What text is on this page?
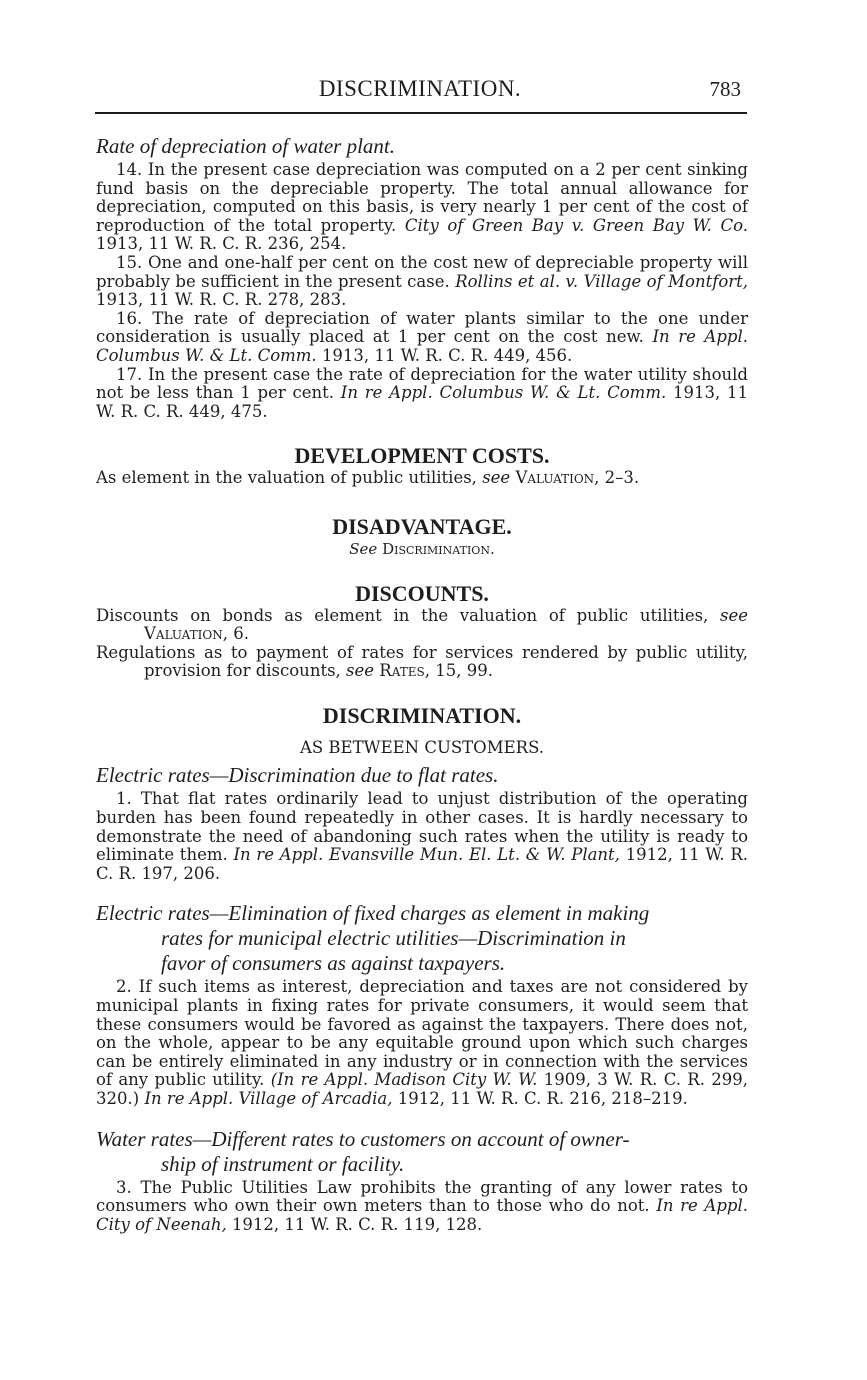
DISCRIMINATION.	783
Rate of depreciation of water plant.

14. In the present case depreciation was computed on a 2 per cent sinking fund basis on the depreciable property. The total annual allowance for depreciation, computed on this basis, is very nearly 1 per cent of the cost of reproduction of the total property. City of Green Bay v. Green Bay W. Co. 1913, 11 W. R. C. R. 236, 254.

15. One and one-half per cent on the cost new of depreciable property will probably be sufficient in the present case. Rollins et al. v. Village of Montfort, 1913, 11 W. R. C. R. 278, 283.

16. The rate of depreciation of water plants similar to the one under consideration is usually placed at 1 per cent on the cost new. In re Appl. Columbus W. & Lt. Comm. 1913, 11 W. R. C. R. 449, 456.

17. In the present case the rate of depreciation for the water utility should not be less than 1 per cent. In re Appl. Columbus W. & Lt. Comm. 1913, 11 W. R. C. R. 449, 475.

DEVELOPMENT COSTS.

As element in the valuation of public utilities, see Valuation, 2–3.

DISADVANTAGE.

See Discrimination.

DISCOUNTS.

Discounts on bonds as element in the valuation of public utilities, see Valuation, 6.

Regulations as to payment of rates for services rendered by public utility, provision for discounts, see Rates, 15, 99.

DISCRIMINATION.

AS BETWEEN CUSTOMERS.

Electric rates—Discrimination due to flat rates.

1. That flat rates ordinarily lead to unjust distribution of the operating burden has been found repeatedly in other cases. It is hardly necessary to demonstrate the need of abandoning such rates when the utility is ready to eliminate them. In re Appl. Evansville Mun. El. Lt. & W. Plant, 1912, 11 W. R. C. R. 197, 206.

Electric rates—Elimination of fixed charges as element in making
rates for municipal electric utilities—Discrimination in
favor of consumers as against taxpayers.

2. If such items as interest, depreciation and taxes are not considered by municipal plants in fixing rates for private consumers, it would seem that these consumers would be favored as against the taxpayers. There does not, on the whole, appear to be any equitable ground upon which such charges can be entirely eliminated in any industry or in connection with the services of any public utility. (In re Appl. Madison City W. W. 1909, 3 W. R. C. R. 299, 320.) In re Appl. Village of Arcadia, 1912, 11 W. R. C. R. 216, 218–219.

Water rates—Different rates to customers on account of owner-
ship of instrument or facility.

3. The Public Utilities Law prohibits the granting of any lower rates to consumers who own their own meters than to those who do not. In re Appl. City of Neenah, 1912, 11 W. R. C. R. 119, 128.
